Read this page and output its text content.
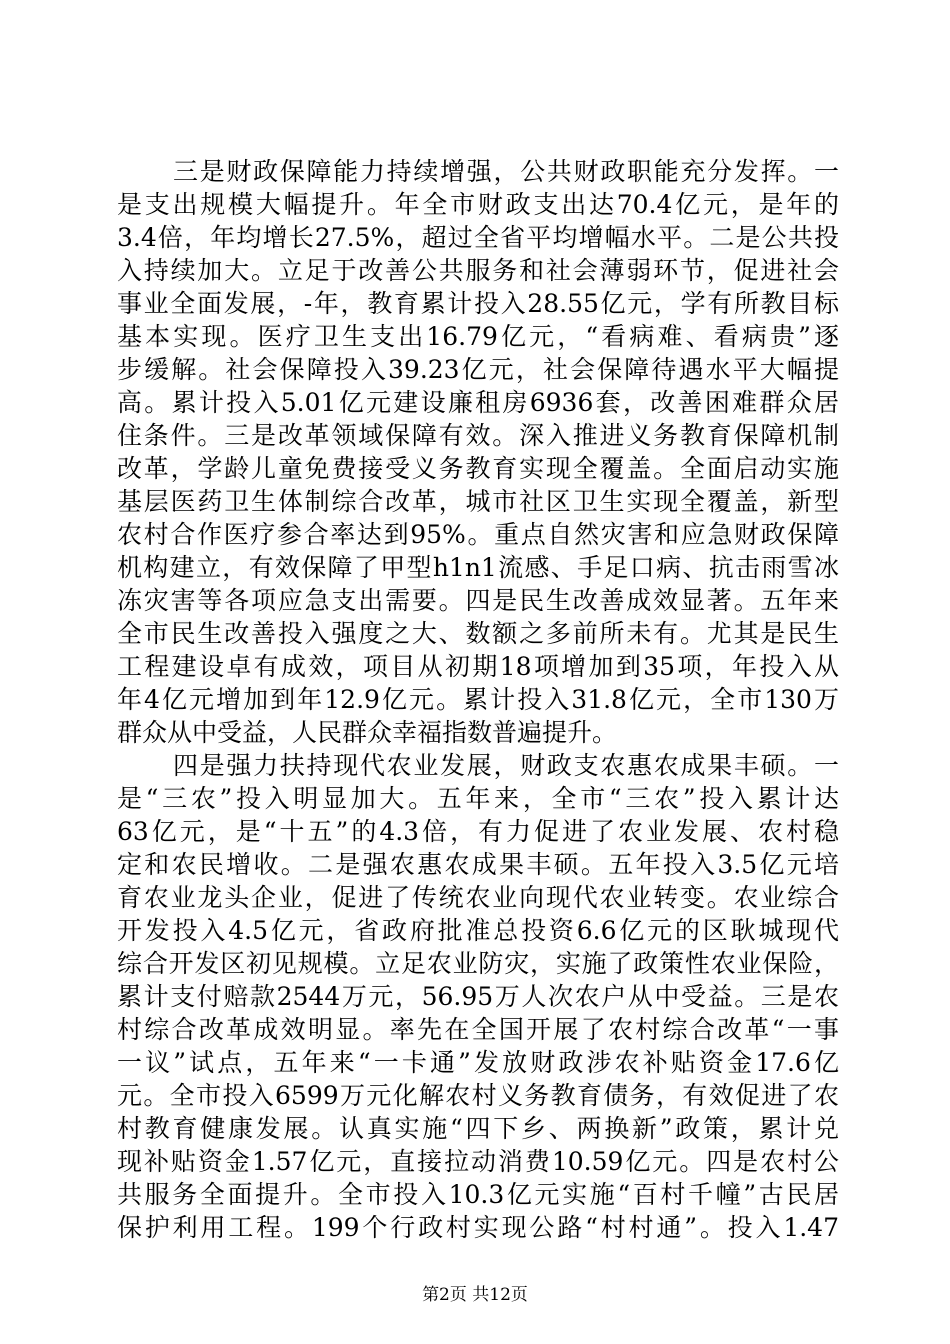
三是财政保障能力持续增强，公共财政职能充分发挥。一
是支出规模大幅提升。年全市财政支出达70.4亿元，是年的
3.4倍，年均增长27.5%，超过全省平均增幅水平。二是公共投
入持续加大。立足于改善公共服务和社会薄弱环节，促进社会
事业全面发展，-年，教育累计投入28.55亿元，学有所教目标
基本实现。医疗卫生支出16.79亿元，“看病难、看病贵”逐
步缓解。社会保障投入39.23亿元，社会保障待遇水平大幅提
高。累计投入5.01亿元建设廉租房6936套，改善困难群众居
住条件。三是改革领域保障有效。深入推进义务教育保障机制
改革，学龄儿童免费接受义务教育实现全覆盖。全面启动实施
基层医药卫生体制综合改革，城市社区卫生实现全覆盖，新型
农村合作医疗参合率达到95%。重点自然灾害和应急财政保障
机构建立，有效保障了甲型h1n1流感、手足口病、抗击雨雪冰
冻灾害等各项应急支出需要。四是民生改善成效显著。五年来
全市民生改善投入强度之大、数额之多前所未有。尤其是民生
工程建设卓有成效，项目从初期18项增加到35项，年投入从
年4亿元增加到年12.9亿元。累计投入31.8亿元，全市130万
群众从中受益，人民群众幸福指数普遍提升。
四是强力扶持现代农业发展，财政支农惠农成果丰硕。一
是“三农”投入明显加大。五年来，全市“三农”投入累计达
63亿元，是“十五”的4.3倍，有力促进了农业发展、农村稳
定和农民增收。二是强农惠农成果丰硕。五年投入3.5亿元培
育农业龙头企业，促进了传统农业向现代农业转变。农业综合
开发投入4.5亿元，省政府批准总投资6.6亿元的区耿城现代
综合开发区初见规模。立足农业防灾，实施了政策性农业保险，
累计支付赔款2544万元，56.95万人次农户从中受益。三是农
村综合改革成效明显。率先在全国开展了农村综合改革“一事
一议”试点，五年来“一卡通”发放财政涉农补贴资金17.6亿
元。全市投入6599万元化解农村义务教育债务，有效促进了农
村教育健康发展。认真实施“四下乡、两换新”政策，累计兑
现补贴资金1.57亿元，直接拉动消费10.59亿元。四是农村公
共服务全面提升。全市投入10.3亿元实施“百村千幢”古民居
保护利用工程。199个行政村实现公路“村村通”。投入1.47
第2页 共12页
